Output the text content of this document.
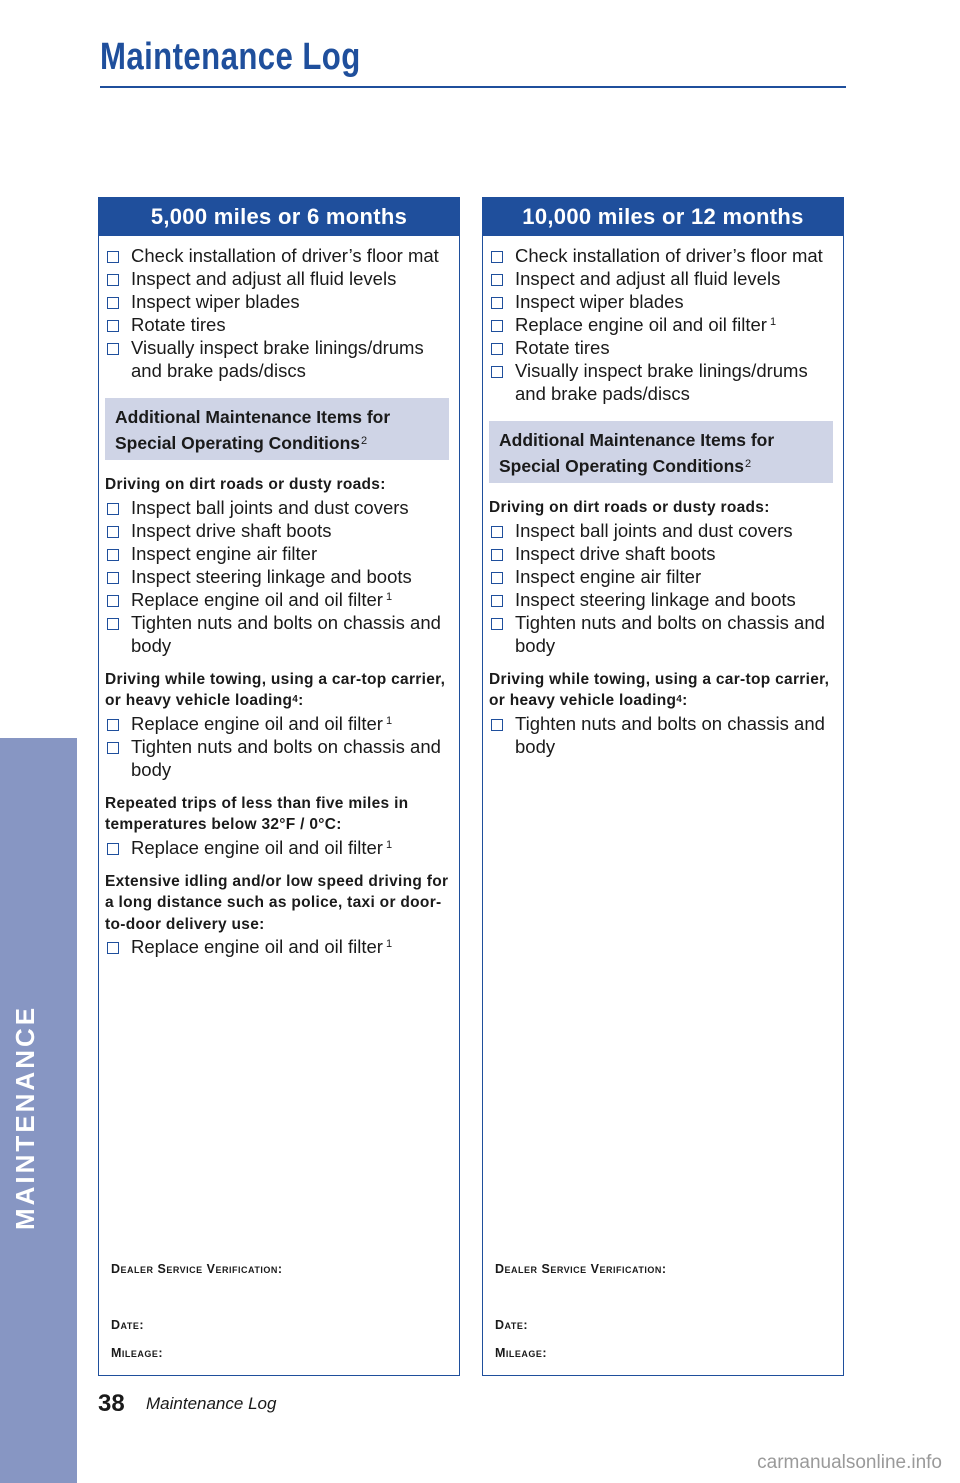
Maintenance Log
5,000 miles or 6 months
Check installation of driver’s floor mat
Inspect and adjust all fluid levels
Inspect wiper blades
Rotate tires
Visually inspect brake linings/drums and brake pads/discs
Additional Maintenance Items for Special Operating Conditions$^2$
Driving on dirt roads or dusty roads:
Inspect ball joints and dust covers
Inspect drive shaft boots
Inspect engine air filter
Inspect steering linkage and boots
Replace engine oil and oil filter $^1$
Tighten nuts and bolts on chassis and body
Driving while towing, using a car-top carrier, or heavy vehicle loading$^4$:
Replace engine oil and oil filter $^1$
Tighten nuts and bolts on chassis and body
Repeated trips of less than five miles in temperatures below 32°F / 0°C:
Replace engine oil and oil filter $^1$
Extensive idling and/or low speed driving for a long distance such as police, taxi or door-to-door delivery use:
Replace engine oil and oil filter $^1$
Dealer Service Verification:
Date:
Mileage:
10,000 miles or 12 months
Check installation of driver’s floor mat
Inspect and adjust all fluid levels
Inspect wiper blades
Replace engine oil and oil filter $^1$
Rotate tires
Visually inspect brake linings/drums and brake pads/discs
Additional Maintenance Items for Special Operating Conditions$^2$
Driving on dirt roads or dusty roads:
Inspect ball joints and dust covers
Inspect drive shaft boots
Inspect engine air filter
Inspect steering linkage and boots
Tighten nuts and bolts on chassis and body
Driving while towing, using a car-top carrier, or heavy vehicle loading$^4$:
Tighten nuts and bolts on chassis and body
Dealer Service Verification:
Date:
Mileage:
38 Maintenance Log
carmanualsonline.info
